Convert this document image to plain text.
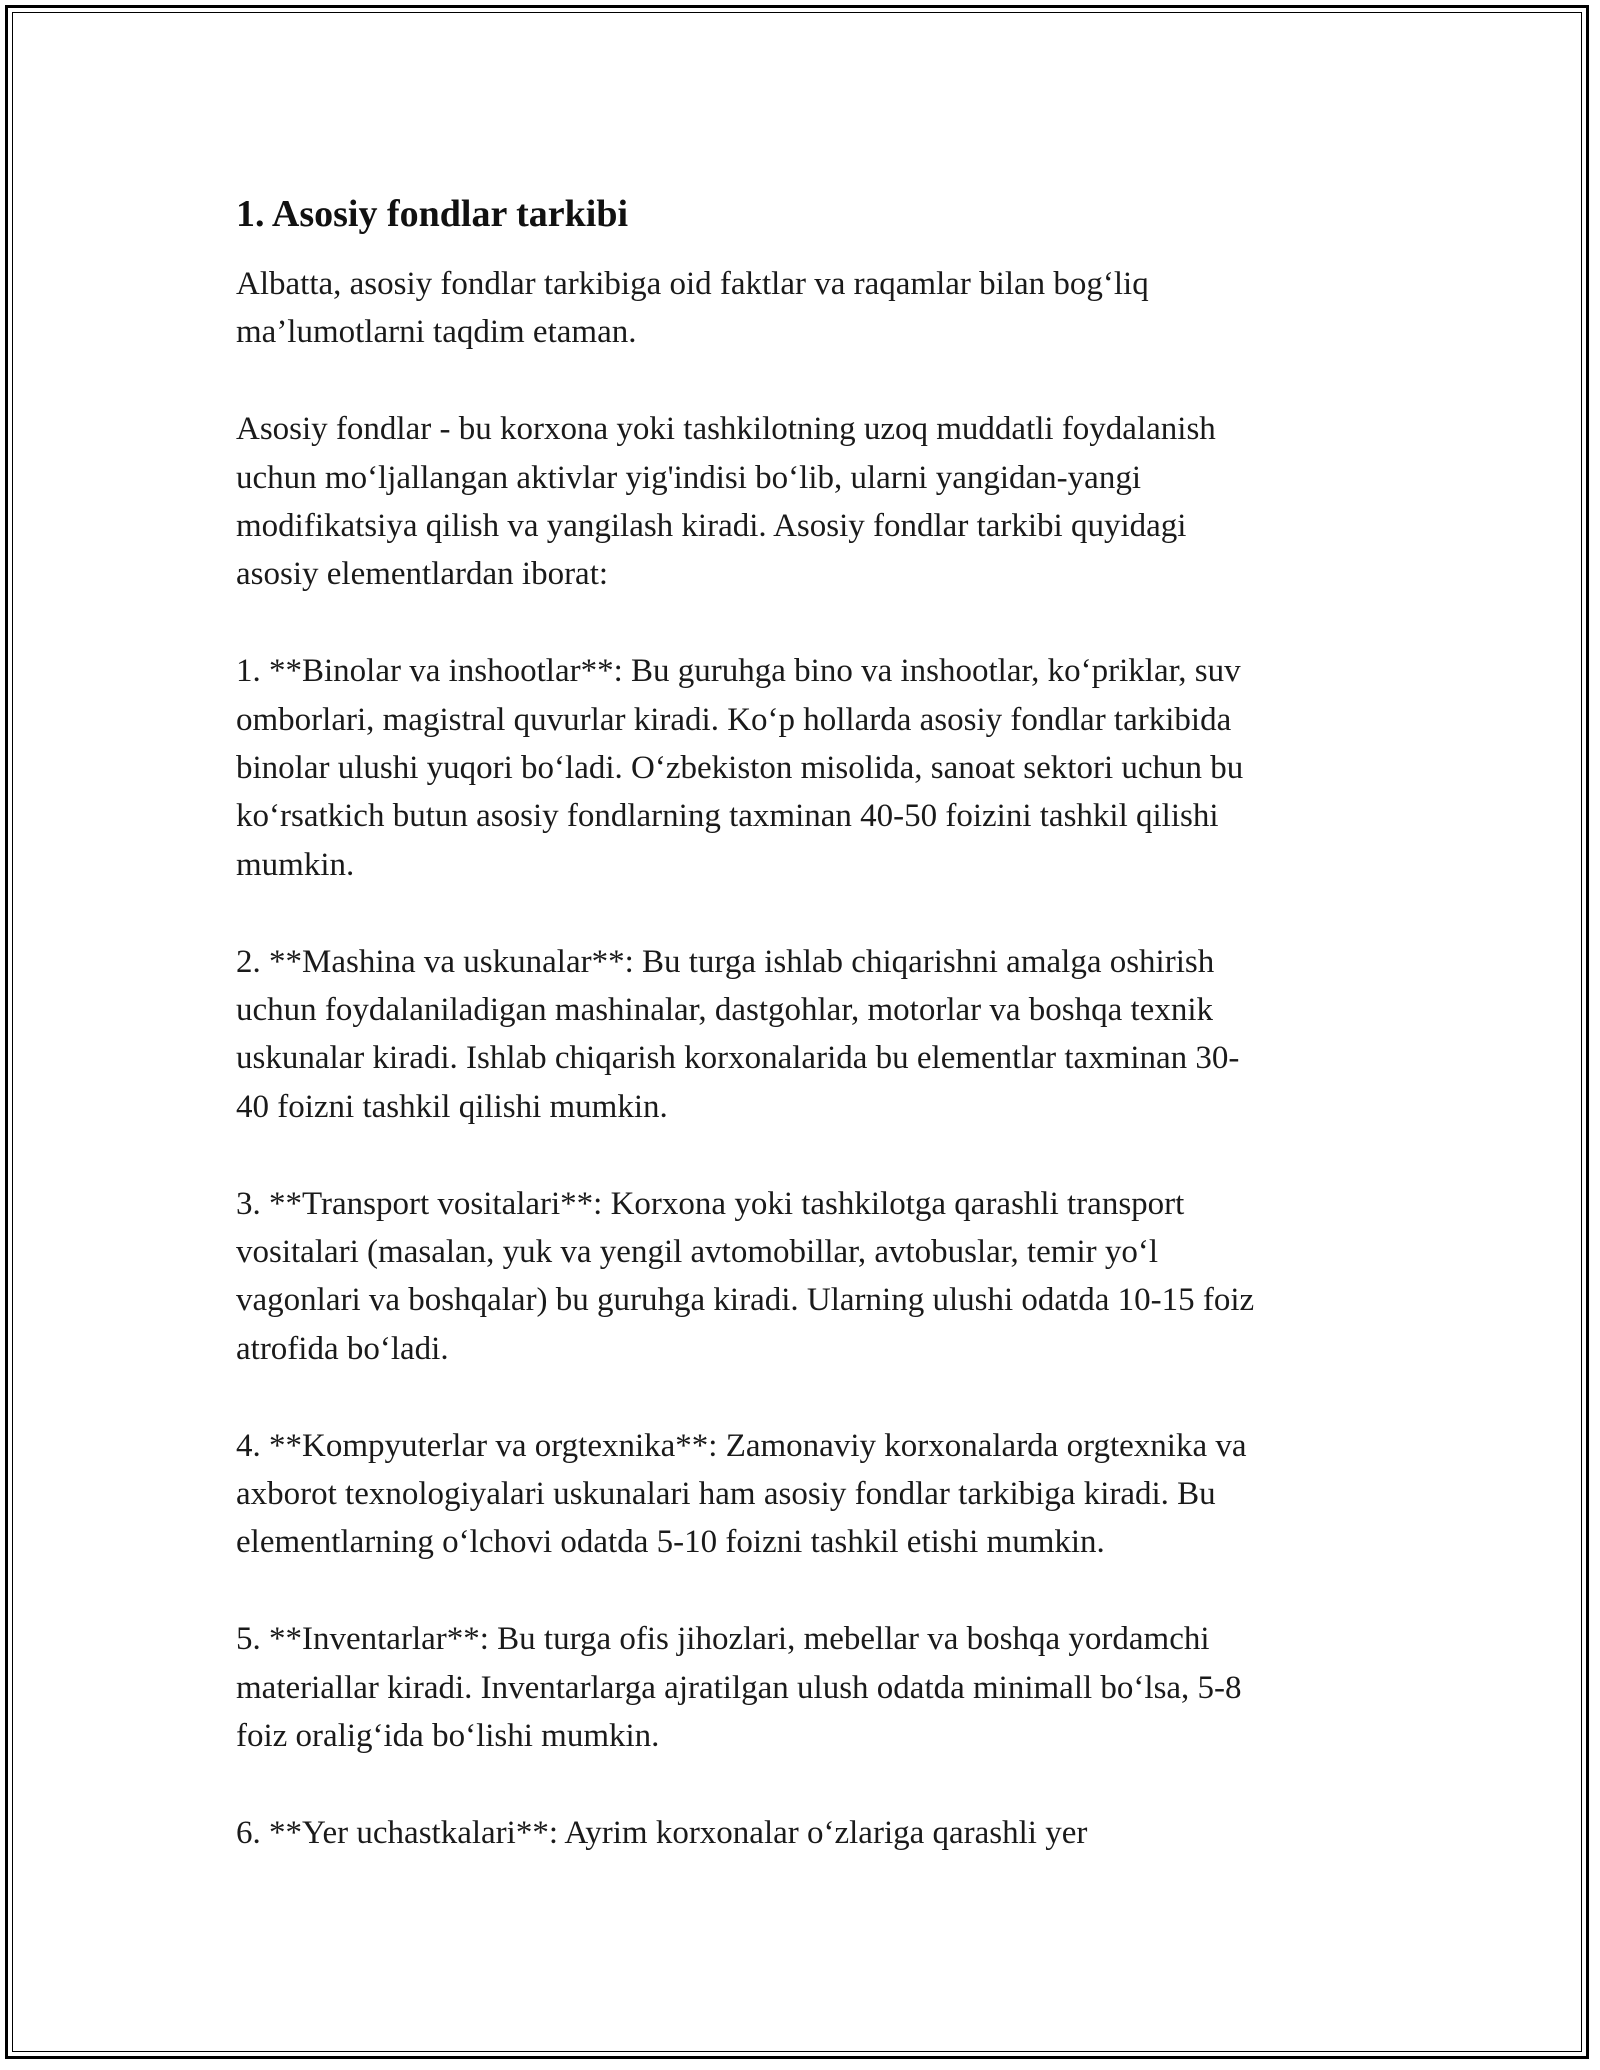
1. Asosiy fondlar tarkibi

Albatta, asosiy fondlar tarkibiga oid faktlar va raqamlar bilan bog‘liq
ma’lumotlarni taqdim etaman.

Asosiy fondlar - bu korxona yoki tashkilotning uzoq muddatli foydalanish
uchun mo‘ljallangan aktivlar yig'indisi bo‘lib, ularni yangidan-yangi
modifikatsiya qilish va yangilash kiradi. Asosiy fondlar tarkibi quyidagi
asosiy elementlardan iborat:

1. **Binolar va inshootlar**: Bu guruhga bino va inshootlar, ko‘priklar, suv
omborlari, magistral quvurlar kiradi. Ko‘p hollarda asosiy fondlar tarkibida
binolar ulushi yuqori bo‘ladi. O‘zbekiston misolida, sanoat sektori uchun bu
ko‘rsatkich butun asosiy fondlarning taxminan 40-50 foizini tashkil qilishi
mumkin.

2. **Mashina va uskunalar**: Bu turga ishlab chiqarishni amalga oshirish
uchun foydalaniladigan mashinalar, dastgohlar, motorlar va boshqa texnik
uskunalar kiradi. Ishlab chiqarish korxonalarida bu elementlar taxminan 30-
40 foizni tashkil qilishi mumkin.

3. **Transport vositalari**: Korxona yoki tashkilotga qarashli transport
vositalari (masalan, yuk va yengil avtomobillar, avtobuslar, temir yo‘l
vagonlari va boshqalar) bu guruhga kiradi. Ularning ulushi odatda 10-15 foiz
atrofida bo‘ladi.

4. **Kompyuterlar va orgtexnika**: Zamonaviy korxonalarda orgtexnika va
axborot texnologiyalari uskunalari ham asosiy fondlar tarkibiga kiradi. Bu
elementlarning o‘lchovi odatda 5-10 foizni tashkil etishi mumkin.

5. **Inventarlar**: Bu turga ofis jihozlari, mebellar va boshqa yordamchi
materiallar kiradi. Inventarlarga ajratilgan ulush odatda minimall bo‘lsa, 5-8
foiz oralig‘ida bo‘lishi mumkin.

6. **Yer uchastkalari**: Ayrim korxonalar o‘zlariga qarashli yer
